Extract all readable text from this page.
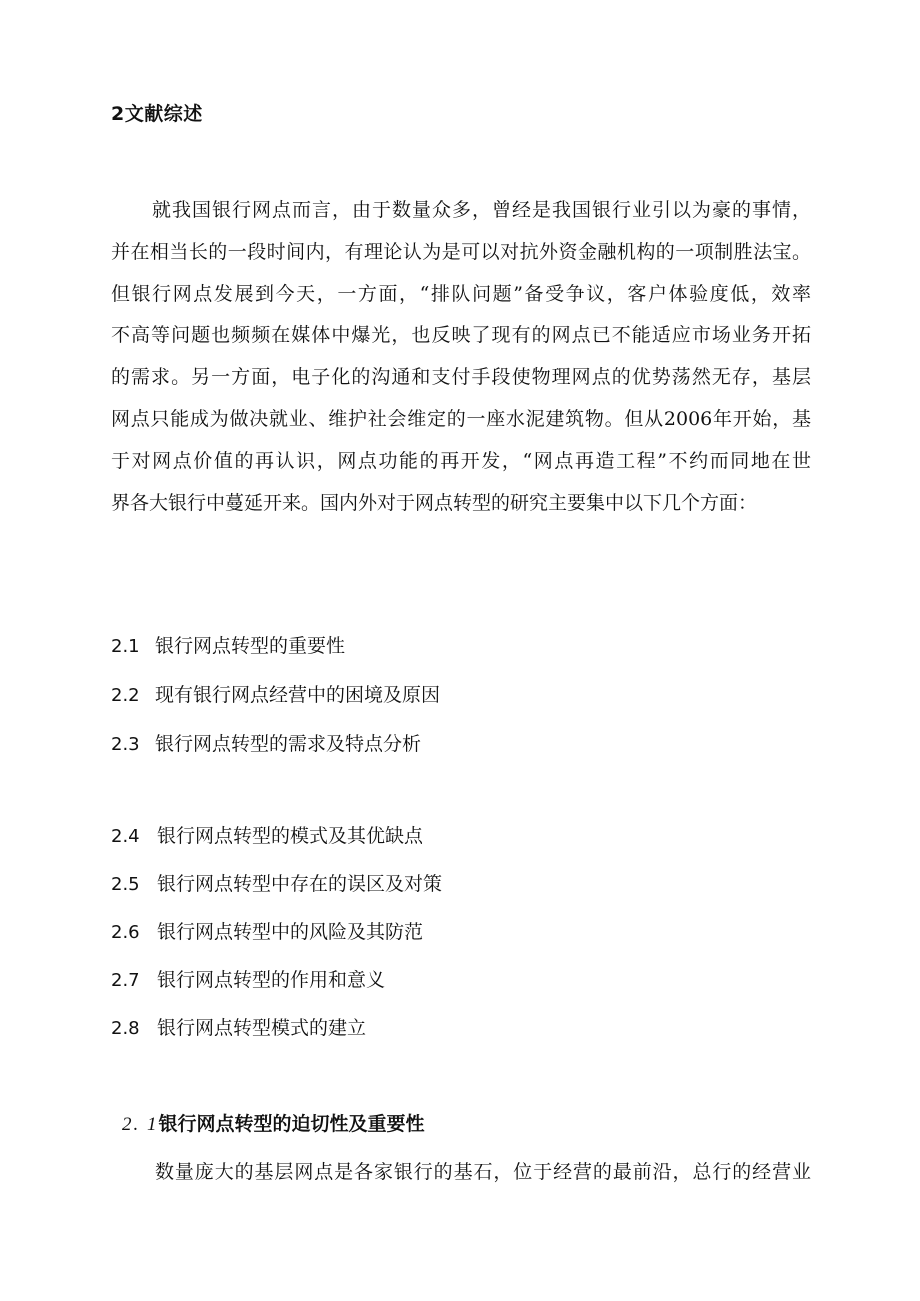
2文献综述
就我国银行网点而言，由于数量众多，曾经是我国银行业引以为豪的事情，
并在相当长的一段时间内，有理论认为是可以对抗外资金融机构的一项制胜法宝。
但银行网点发展到今天，一方面，“排队问题”备受争议，客户体验度低，效率
不高等问题也频频在媒体中爆光，也反映了现有的网点已不能适应市场业务开拓
的需求。另一方面，电子化的沟通和支付手段使物理网点的优势荡然无存，基层
网点只能成为做决就业、维护社会维定的一座水泥建筑物。但从2006年开始，基
于对网点价值的再认识，网点功能的再开发，“网点再造工程”不约而同地在世
界各大银行中蔓延开来。国内外对于网点转型的研究主要集中以下几个方面：
2.1 银行网点转型的重要性
2.2 现有银行网点经营中的困境及原因
2.3 银行网点转型的需求及特点分析
2.4 银行网点转型的模式及其优缺点
2.5 银行网点转型中存在的误区及对策
2.6 银行网点转型中的风险及其防范
2.7 银行网点转型的作用和意义
2.8 银行网点转型模式的建立
2. 1银行网点转型的迫切性及重要性
数量庞大的基层网点是各家银行的基石，位于经营的最前沿，总行的经营业
